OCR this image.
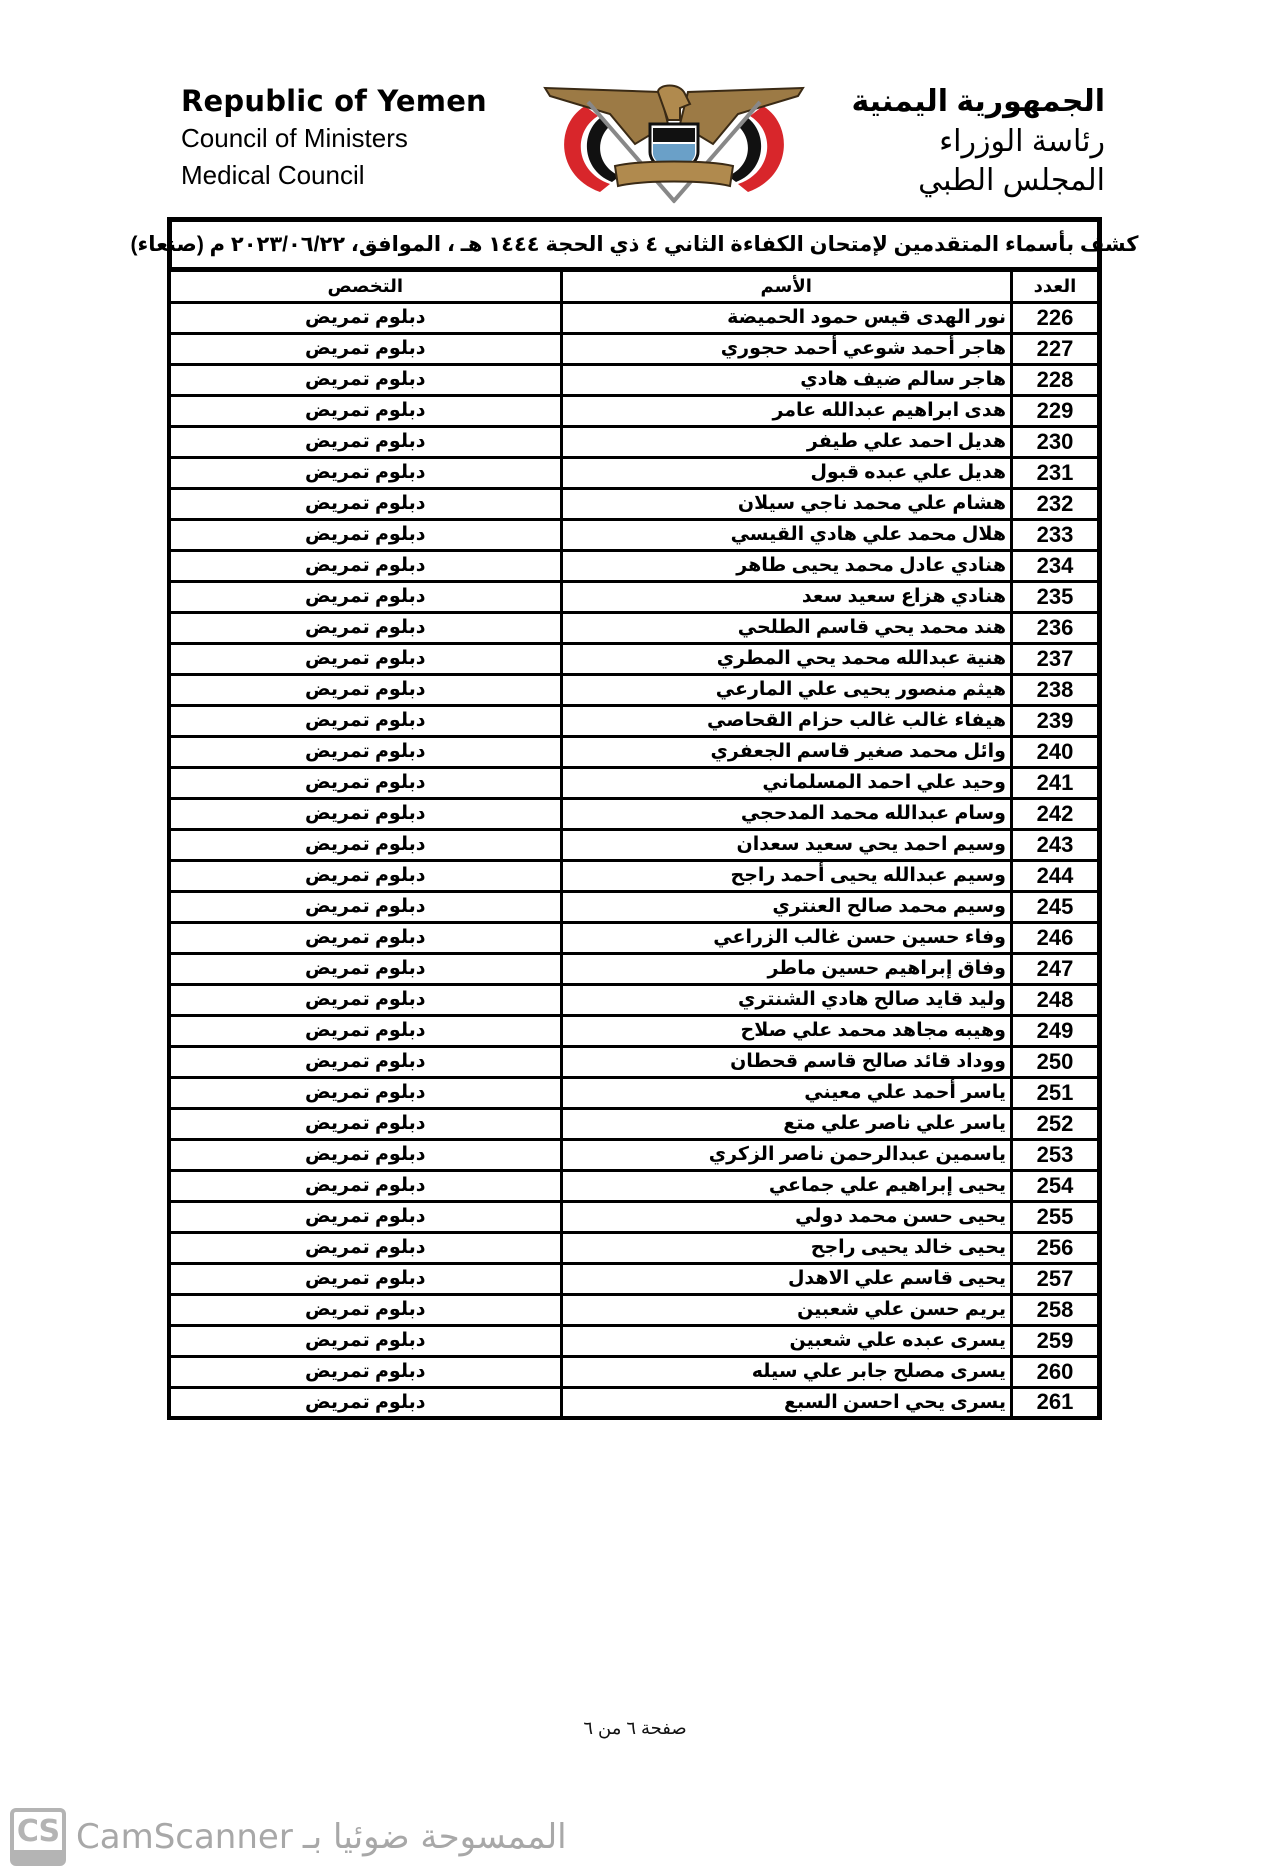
Republic of Yemen
Council of Ministers
Medical Council
الجمهورية اليمنية
رئاسة الوزراء
المجلس الطبي
كشف بأسماء المتقدمين لإمتحان الكفاءة الثاني ٤ ذي الحجة ١٤٤٤ هـ ، الموافق، ٢٠٢٣/٠٦/٢٢ م (صنعاء)
العدد	الأسم	التخصص
226	نور الهدى قيس حمود الحميضة	دبلوم تمريض
227	هاجر أحمد شوعي أحمد حجوري	دبلوم تمريض
228	هاجر سالم ضيف هادي	دبلوم تمريض
229	هدى ابراهيم عبدالله عامر	دبلوم تمريض
230	هديل احمد علي طيفر	دبلوم تمريض
231	هديل علي عبده قبول	دبلوم تمريض
232	هشام علي محمد ناجي سيلان	دبلوم تمريض
233	هلال محمد علي هادي القيسي	دبلوم تمريض
234	هنادي عادل محمد يحيى طاهر	دبلوم تمريض
235	هنادي هزاع سعيد سعد	دبلوم تمريض
236	هند محمد يحي قاسم الطلحي	دبلوم تمريض
237	هنية عبدالله محمد يحي المطري	دبلوم تمريض
238	هيثم منصور يحيى علي المارعي	دبلوم تمريض
239	هيفاء غالب غالب حزام القحاصي	دبلوم تمريض
240	وائل محمد صغير قاسم الجعفري	دبلوم تمريض
241	وحيد علي احمد المسلماني	دبلوم تمريض
242	وسام عبدالله محمد المدحجي	دبلوم تمريض
243	وسيم احمد يحي سعيد سعدان	دبلوم تمريض
244	وسيم عبدالله يحيى أحمد راجح	دبلوم تمريض
245	وسيم محمد صالح العنتري	دبلوم تمريض
246	وفاء حسين حسن غالب الزراعي	دبلوم تمريض
247	وفاق إبراهيم حسين ماطر	دبلوم تمريض
248	وليد قايد صالح هادي الشنتري	دبلوم تمريض
249	وهيبه مجاهد محمد علي صلاح	دبلوم تمريض
250	ووداد قائد صالح قاسم قحطان	دبلوم تمريض
251	ياسر أحمد علي معيني	دبلوم تمريض
252	ياسر علي ناصر علي متع	دبلوم تمريض
253	ياسمين عبدالرحمن ناصر الزكري	دبلوم تمريض
254	يحيى إبراهيم علي جماعي	دبلوم تمريض
255	يحيى حسن محمد دولي	دبلوم تمريض
256	يحيى خالد يحيى راجح	دبلوم تمريض
257	يحيى قاسم علي الاهدل	دبلوم تمريض
258	يريم حسن علي شعبين	دبلوم تمريض
259	يسرى عبده علي شعبين	دبلوم تمريض
260	يسرى مصلح جابر علي سيله	دبلوم تمريض
261	يسرى يحي احسن السبع	دبلوم تمريض
صفحة ٦ من ٦
CS CamScanner الممسوحة ضوئيا بـ
